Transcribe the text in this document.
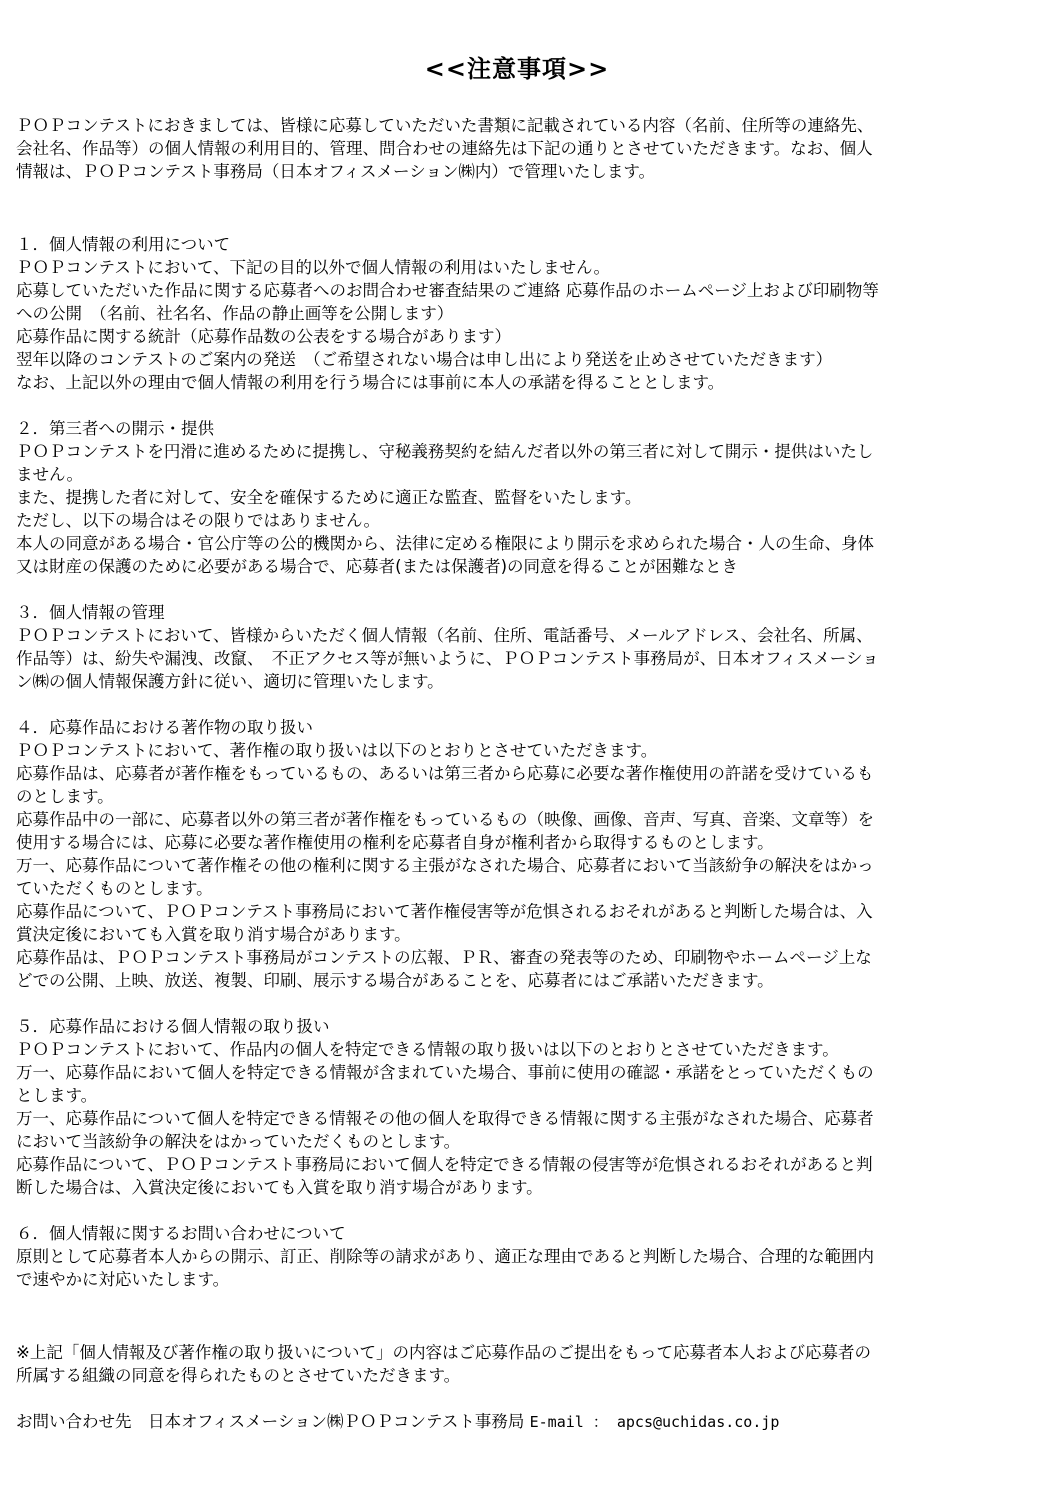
<<注意事項>>
ＰＯＰコンテストにおきましては、皆様に応募していただいた書類に記載されている内容（名前、住所等の連絡先、
会社名、作品等）の個人情報の利用目的、管理、問合わせの連絡先は下記の通りとさせていただきます。なお、個人
情報は、ＰＯＰコンテスト事務局（日本オフィスメーション㈱内）で管理いたします。
１．個人情報の利用について
ＰＯＰコンテストにおいて、下記の目的以外で個人情報の利用はいたしません。
応募していただいた作品に関する応募者へのお問合わせ審査結果のご連絡 応募作品のホームページ上および印刷物等
への公開　（名前、社名名、作品の静止画等を公開します）
応募作品に関する統計（応募作品数の公表をする場合があります）
翌年以降のコンテストのご案内の発送　（ご希望されない場合は申し出により発送を止めさせていただきます）
なお、上記以外の理由で個人情報の利用を行う場合には事前に本人の承諾を得ることとします。
２．第三者への開示・提供
ＰＯＰコンテストを円滑に進めるために提携し、守秘義務契約を結んだ者以外の第三者に対して開示・提供はいたし
ません。
また、提携した者に対して、安全を確保するために適正な監査、監督をいたします。
ただし、以下の場合はその限りではありません。
本人の同意がある場合・官公庁等の公的機関から、法律に定める権限により開示を求められた場合・人の生命、身体
又は財産の保護のために必要がある場合で、応募者(または保護者)の同意を得ることが困難なとき
３．個人情報の管理
ＰＯＰコンテストにおいて、皆様からいただく個人情報（名前、住所、電話番号、メールアドレス、会社名、所属、
作品等）は、紛失や漏洩、改竄、　不正アクセス等が無いように、ＰＯＰコンテスト事務局が、日本オフィスメーショ
ン㈱の個人情報保護方針に従い、適切に管理いたします。
４．応募作品における著作物の取り扱い
ＰＯＰコンテストにおいて、著作権の取り扱いは以下のとおりとさせていただきます。
応募作品は、応募者が著作権をもっているもの、あるいは第三者から応募に必要な著作権使用の許諾を受けているも
のとします。
応募作品中の一部に、応募者以外の第三者が著作権をもっているもの（映像、画像、音声、写真、音楽、文章等）を
使用する場合には、応募に必要な著作権使用の権利を応募者自身が権利者から取得するものとします。
万一、応募作品について著作権その他の権利に関する主張がなされた場合、応募者において当該紛争の解決をはかっ
ていただくものとします。
応募作品について、ＰＯＰコンテスト事務局において著作権侵害等が危惧されるおそれがあると判断した場合は、入
賞決定後においても入賞を取り消す場合があります。
応募作品は、ＰＯＰコンテスト事務局がコンテストの広報、ＰＲ、審査の発表等のため、印刷物やホームページ上な
どでの公開、上映、放送、複製、印刷、展示する場合があることを、応募者にはご承諾いただきます。
５．応募作品における個人情報の取り扱い
ＰＯＰコンテストにおいて、作品内の個人を特定できる情報の取り扱いは以下のとおりとさせていただきます。
万一、応募作品において個人を特定できる情報が含まれていた場合、事前に使用の確認・承諾をとっていただくもの
とします。
万一、応募作品について個人を特定できる情報その他の個人を取得できる情報に関する主張がなされた場合、応募者
において当該紛争の解決をはかっていただくものとします。
応募作品について、ＰＯＰコンテスト事務局において個人を特定できる情報の侵害等が危惧されるおそれがあると判
断した場合は、入賞決定後においても入賞を取り消す場合があります。
６．個人情報に関するお問い合わせについて
原則として応募者本人からの開示、訂正、削除等の請求があり、適正な理由であると判断した場合、合理的な範囲内
で速やかに対応いたします。
※上記「個人情報及び著作権の取り扱いについて」の内容はご応募作品のご提出をもって応募者本人および応募者の
所属する組織の同意を得られたものとさせていただきます。
お問い合わせ先　日本オフィスメーション㈱ＰＯＰコンテスト事務局 E-mail ： apcs@uchidas.co.jp
